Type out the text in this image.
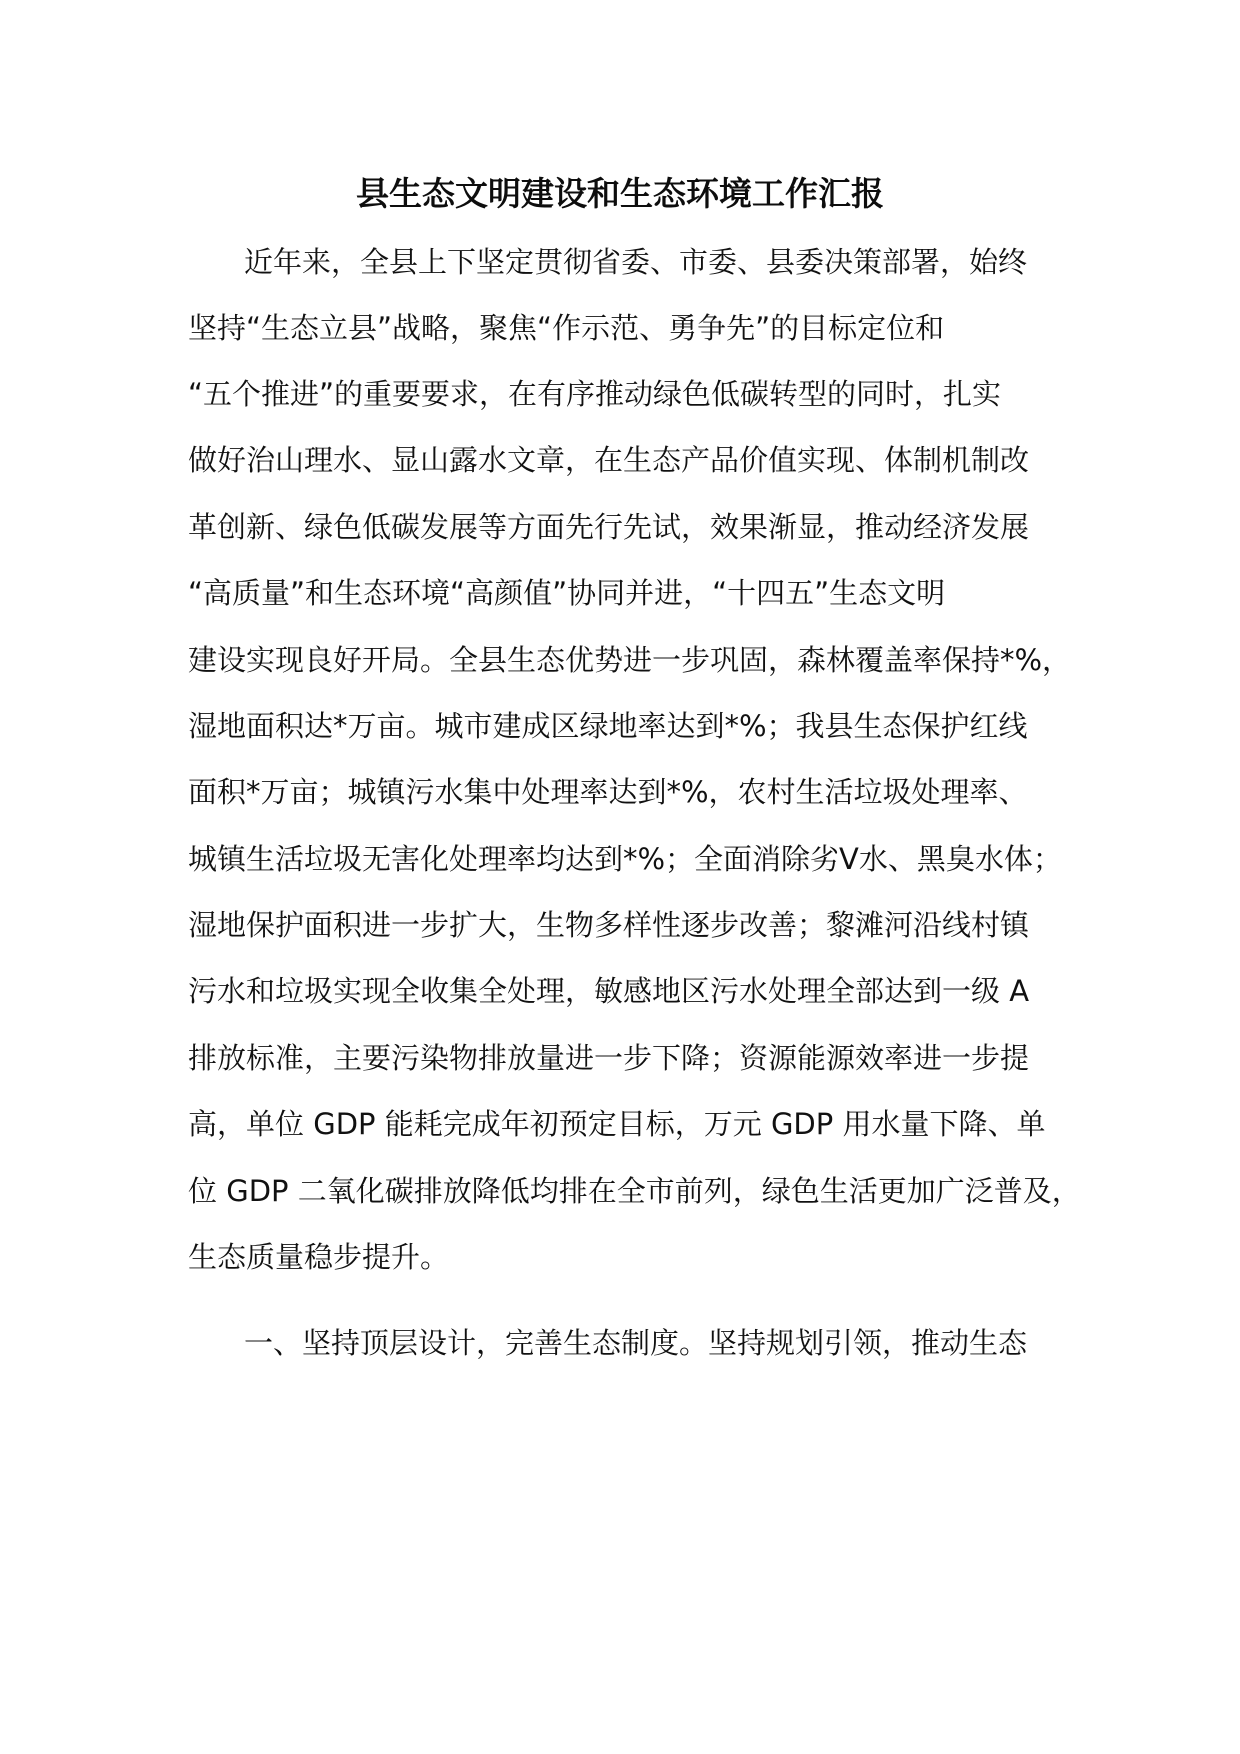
县生态文明建设和生态环境工作汇报
近年来，全县上下坚定贯彻省委、市委、县委决策部署，始终
坚持“生态立县”战略，聚焦“作示范、勇争先”的目标定位和
“五个推进”的重要要求，在有序推动绿色低碳转型的同时，扎实
做好治山理水、显山露水文章，在生态产品价值实现、体制机制改
革创新、绿色低碳发展等方面先行先试，效果渐显，推动经济发展
“高质量”和生态环境“高颜值”协同并进，“十四五”生态文明
建设实现良好开局。全县生态优势进一步巩固，森林覆盖率保持*%，
湿地面积达*万亩。城市建成区绿地率达到*%；我县生态保护红线
面积*万亩；城镇污水集中处理率达到*%，农村生活垃圾处理率、
城镇生活垃圾无害化处理率均达到*%；全面消除劣Ⅴ水、黑臭水体；
湿地保护面积进一步扩大，生物多样性逐步改善；黎滩河沿线村镇
污水和垃圾实现全收集全处理，敏感地区污水处理全部达到一级 A
排放标准，主要污染物排放量进一步下降；资源能源效率进一步提
高，单位 GDP 能耗完成年初预定目标，万元 GDP 用水量下降、单
位 GDP 二氧化碳排放降低均排在全市前列，绿色生活更加广泛普及，
生态质量稳步提升。
一、坚持顶层设计，完善生态制度。坚持规划引领，推动生态
